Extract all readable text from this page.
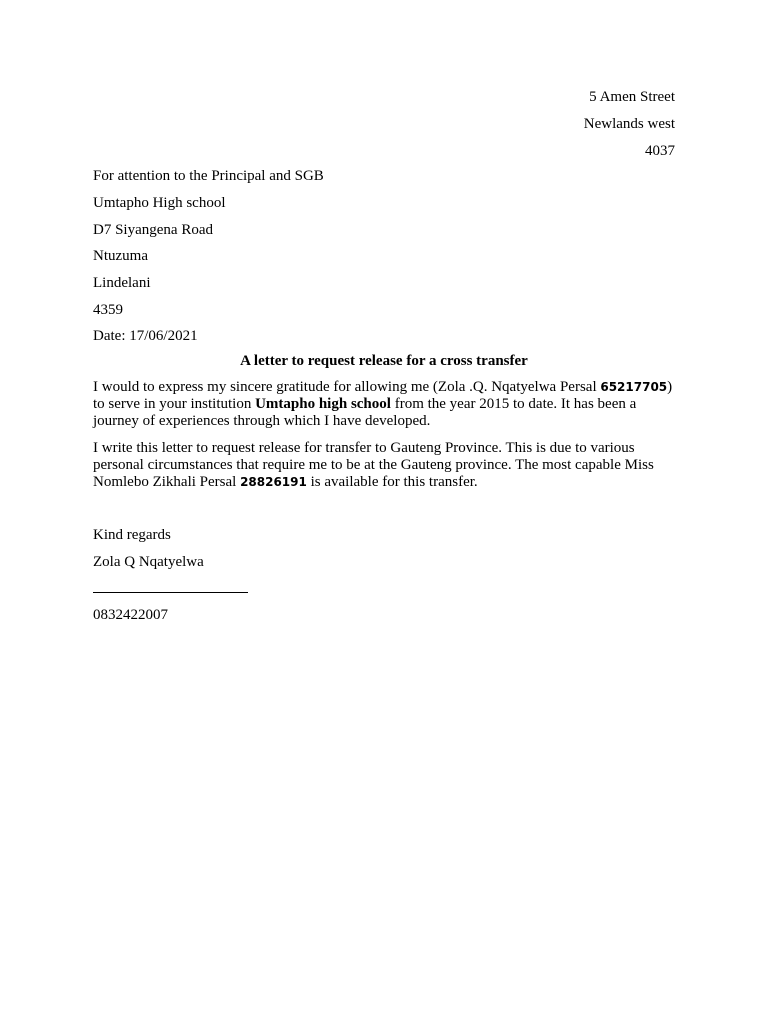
5 Amen Street
Newlands west
4037
For attention to the Principal and SGB
Umtapho High school
D7 Siyangena Road
Ntuzuma
Lindelani
4359
Date: 17/06/2021
A letter to request release for a cross transfer
I would to express my sincere gratitude for allowing me (Zola .Q. Nqatyelwa Persal 65217705) to serve in your institution Umtapho high school from the year 2015 to date. It has been a journey of experiences through which I have developed.
I write this letter to request release for transfer to Gauteng Province. This is due to various personal circumstances that require me to be at the Gauteng province. The most capable Miss Nomlebo Zikhali Persal 28826191 is available for this transfer.
Kind regards
Zola Q Nqatyelwa
0832422007
